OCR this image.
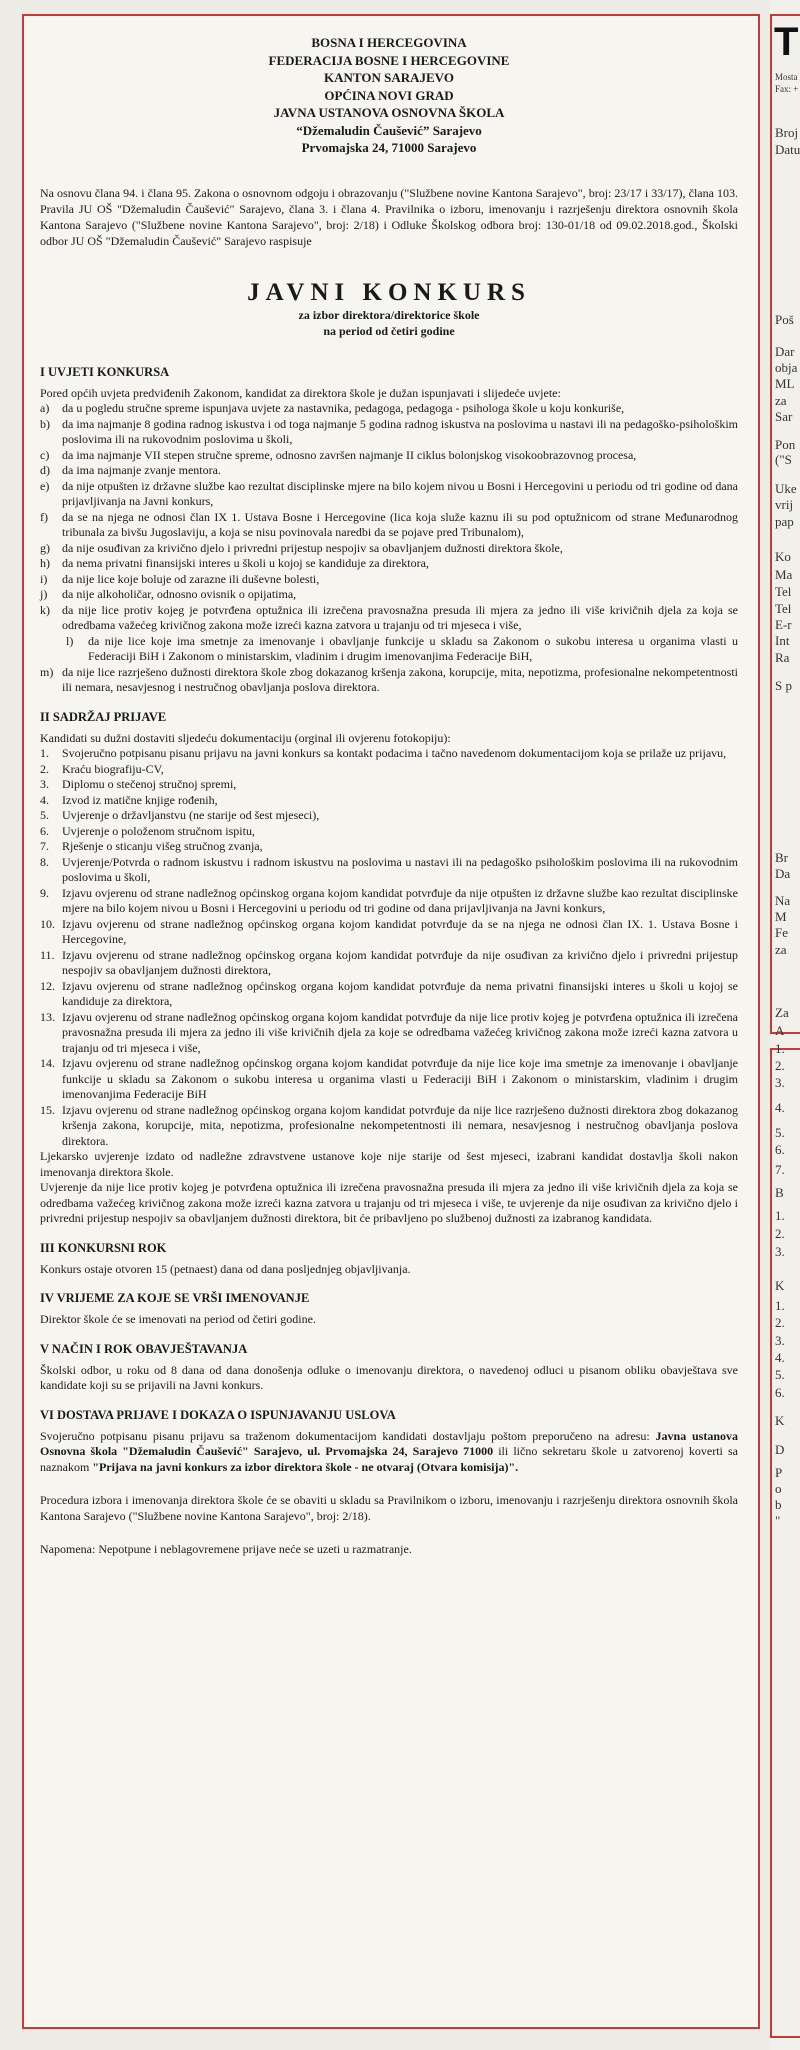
BOSNA I HERCEGOVINA
FEDERACIJA BOSNE I HERCEGOVINE
KANTON SARAJEVO
OPĆINA NOVI GRAD
JAVNA USTANOVA OSNOVNA ŠKOLA
“Džemaludin Čaušević” Sarajevo
Prvomajska 24, 71000 Sarajevo

Na osnovu člana 94. i člana 95. Zakona o osnovnom odgoju i obrazovanju ("Službene novine Kantona Sarajevo", broj: 23/17 i 33/17), člana 103. Pravila JU OŠ "Džemaludin Čaušević" Sarajevo, člana 3. i člana 4. Pravilnika o izboru, imenovanju i razrješenju direktora osnovnih škola Kantona Sarajevo ("Službene novine Kantona Sarajevo", broj: 2/18) i Odluke Školskog odbora broj: 130-01/18 od 09.02.2018.god., Školski odbor JU OŠ "Džemaludin Čaušević" Sarajevo raspisuje

JAVNI KONKURS
za izbor direktora/direktorice škole
na period od četiri godine
I UVJETI KONKURSA

Pored općih uvjeta predviđenih Zakonom, kandidat za direktora škole je dužan ispunjavati i slijedeće uvjete:

a) da u pogledu stručne spreme ispunjava uvjete za nastavnika, pedagoga, pedagoga - psihologa škole u koju konkuriše,
b) da ima najmanje 8 godina radnog iskustva i od toga najmanje 5 godina radnog iskustva na poslovima u nastavi ili na pedagoško-psihološkim poslovima ili na rukovodnim poslovima u školi,
c) da ima najmanje VII stepen stručne spreme, odnosno završen najmanje II ciklus bolonjskog visokoobrazovnog procesa,
d) da ima najmanje zvanje mentora.
e) da nije otpušten iz državne službe kao rezultat disciplinske mjere na bilo kojem nivou u Bosni i Hercegovini u periodu od tri godine od dana prijavljivanja na Javni konkurs,
f) da se na njega ne odnosi član IX 1. Ustava Bosne i Hercegovine (lica koja služe kaznu ili su pod optužnicom od strane Međunarodnog tribunala za bivšu Jugoslaviju, a koja se nisu povinovala naredbi da se pojave pred Tribunalom),
g) da nije osuđivan za krivično djelo i privredni prijestup nespojiv sa obavljanjem dužnosti direktora škole,
h) da nema privatni finansijski interes u školi u kojoj se kandiduje za direktora,
i) da nije lice koje boluje od zarazne ili duševne bolesti,
j) da nije alkoholičar, odnosno ovisnik o opijatima,
k) da nije lice protiv kojeg je potvrđena optužnica ili izrečena pravosnažna presuda ili mjera za jedno ili više krivičnih djela za koja se odredbama važećeg krivičnog zakona može izreći kazna zatvora u trajanju od tri mjeseca i više,
l) da nije lice koje ima smetnje za imenovanje i obavljanje funkcije u skladu sa Zakonom o sukobu interesa u organima vlasti u Federaciji BiH i Zakonom o ministarskim, vladinim i drugim imenovanjima Federacije BiH,
m) da nije lice razrješeno dužnosti direktora škole zbog dokazanog kršenja zakona, korupcije, mita, nepotizma, profesionalne nekompetentnosti ili nemara, nesavjesnog i nestručnog obavljanja poslova direktora.
II SADRŽAJ PRIJAVE

Kandidati su dužni dostaviti sljedeću dokumentaciju (orginal ili ovjerenu fotokopiju):

1. Svojeručno potpisanu pisanu prijavu na javni konkurs sa kontakt podacima i tačno navedenom dokumentacijom koja se prilaže uz prijavu,
2. Kraću biografiju-CV,
3. Diplomu o stečenoj stručnoj spremi,
4. Izvod iz matične knjige rođenih,
5. Uvjerenje o državljanstvu (ne starije od šest mjeseci),
6. Uvjerenje o položenom stručnom ispitu,
7. Rješenje o sticanju višeg stručnog zvanja,
8. Uvjerenje/Potvrda o radnom iskustvu i radnom iskustvu na poslovima u nastavi ili na pedagoško psihološkim poslovima ili na rukovodnim poslovima u školi,
9. Izjavu ovjerenu od strane nadležnog općinskog organa kojom kandidat potvrđuje da nije otpušten iz državne službe kao rezultat disciplinske mjere na bilo kojem nivou u Bosni i Hercegovini u periodu od tri godine od dana prijavljivanja na Javni konkurs,
10. Izjavu ovjerenu od strane nadležnog općinskog organa kojom kandidat potvrđuje da se na njega ne odnosi član IX. 1. Ustava Bosne i Hercegovine,
11. Izjavu ovjerenu od strane nadležnog općinskog organa kojom kandidat potvrđuje da nije osuđivan za krivično djelo i privredni prijestup nespojiv sa obavljanjem dužnosti direktora,
12. Izjavu ovjerenu od strane nadležnog općinskog organa kojom kandidat potvrđuje da nema privatni finansijski interes u školi u kojoj se kandiduje za direktora,
13. Izjavu ovjerenu od strane nadležnog općinskog organa kojom kandidat potvrđuje da nije lice protiv kojeg je potvrđena optužnica ili izrečena pravosnažna presuda ili mjera za jedno ili više krivičnih djela za koje se odredbama važećeg krivičnog zakona može izreći kazna zatvora u trajanju od tri mjeseca i više,
14. Izjavu ovjerenu od strane nadležnog općinskog organa kojom kandidat potvrđuje da nije lice koje ima smetnje za imenovanje i obavljanje funkcije u skladu sa Zakonom o sukobu interesa u organima vlasti u Federaciji BiH i Zakonom o ministarskim, vladinim i drugim imenovanjima Federacije BiH
15. Izjavu ovjerenu od strane nadležnog općinskog organa kojom kandidat potvrđuje da nije lice razrješeno dužnosti direktora zbog dokazanog kršenja zakona, korupcije, mita, nepotizma, profesionalne nekompetentnosti ili nemara, nesavjesnog i nestručnog obavljanja poslova direktora.

Ljekarsko uvjerenje izdato od nadležne zdravstvene ustanove koje nije starije od šest mjeseci, izabrani kandidat dostavlja školi nakon imenovanja direktora škole.

Uvjerenje da nije lice protiv kojeg je potvrđena optužnica ili izrečena pravosnažna presuda ili mjera za jedno ili više krivičnih djela za koja se odredbama važećeg krivičnog zakona može izreći kazna zatvora u trajanju od tri mjeseca i više, te uvjerenje da nije osuđivan za krivično djelo i privredni prijestup nespojiv sa obavljanjem dužnosti direktora, bit će pribavljeno po službenoj dužnosti za izabranog kandidata.

III KONKURSNI ROK

Konkurs ostaje otvoren 15 (petnaest) dana od dana posljednjeg objavljivanja.

IV VRIJEME ZA KOJE SE VRŠI IMENOVANJE

Direktor škole će se imenovati na period od četiri godine.

V NAČIN I ROK OBAVJEŠTAVANJA

Školski odbor, u roku od 8 dana od dana donošenja odluke o imenovanju direktora, o navedenoj odluci u pisanom obliku obavještava sve kandidate koji su se prijavili na Javni konkurs.

VI DOSTAVA PRIJAVE I DOKAZA O ISPUNJAVANJU USLOVA

Svojeručno potpisanu pisanu prijavu sa traženom dokumentacijom kandidati dostavljaju poštom preporučeno na adresu: Javna ustanova Osnovna škola "Džemaludin Čaušević" Sarajevo, ul. Prvomajska 24, Sarajevo 71000 ili lično sekretaru škole u zatvorenoj koverti sa naznakom "Prijava na javni konkurs za izbor direktora škole - ne otvaraj (Otvara komisija)".

Procedura izbora i imenovanja direktora škole će se obaviti u skladu sa Pravilnikom o izboru, imenovanju i razrješenju direktora osnovnih škola Kantona Sarajevo ("Službene novine Kantona Sarajevo", broj: 2/18).

Napomena: Nepotpune i neblagovremene prijave neće se uzeti u razmatranje.

T
Mosta
Fax: +
Broj
Datu
Poš
Dar
obja
ML
za
Sar
Pon
("S
Uke
vrij
pap
Ko
Ma
Tel
Tel
E-r
Int
Ra
S p
Br
Da
Na
M
Fe
za
Za
A
1.
2.
3.
4.
5.
6.
7.
B
1.
2.
3.
K
1.
2.
3.
4.
5.
6.
K
D
P
o
b
"
